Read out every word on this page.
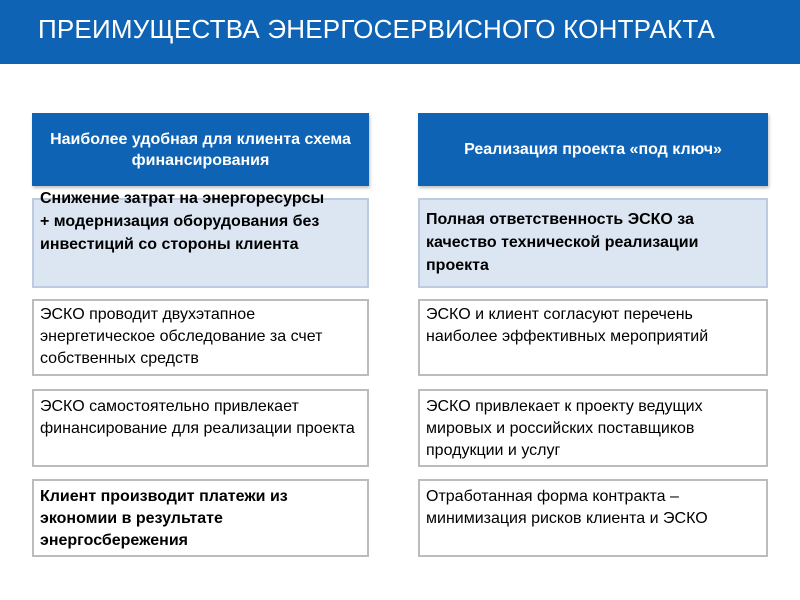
ПРЕИМУЩЕСТВА ЭНЕРГОСЕРВИСНОГО КОНТРАКТА
Наиболее удобная для клиента схема финансирования
Снижение затрат на энергоресурсы
+ модернизация оборудования без инвестиций со стороны клиента
ЭСКО проводит двухэтапное энергетическое обследование за счет собственных средств
ЭСКО самостоятельно привлекает финансирование для реализации проекта
Клиент производит платежи из экономии в результате энергосбережения
Реализация проекта «под ключ»
Полная ответственность ЭСКО за качество технической реализации проекта
ЭСКО и клиент согласуют перечень наиболее эффективных мероприятий
ЭСКО привлекает к проекту ведущих мировых и российских поставщиков продукции и услуг
Отработанная форма контракта – минимизация рисков клиента и ЭСКО
